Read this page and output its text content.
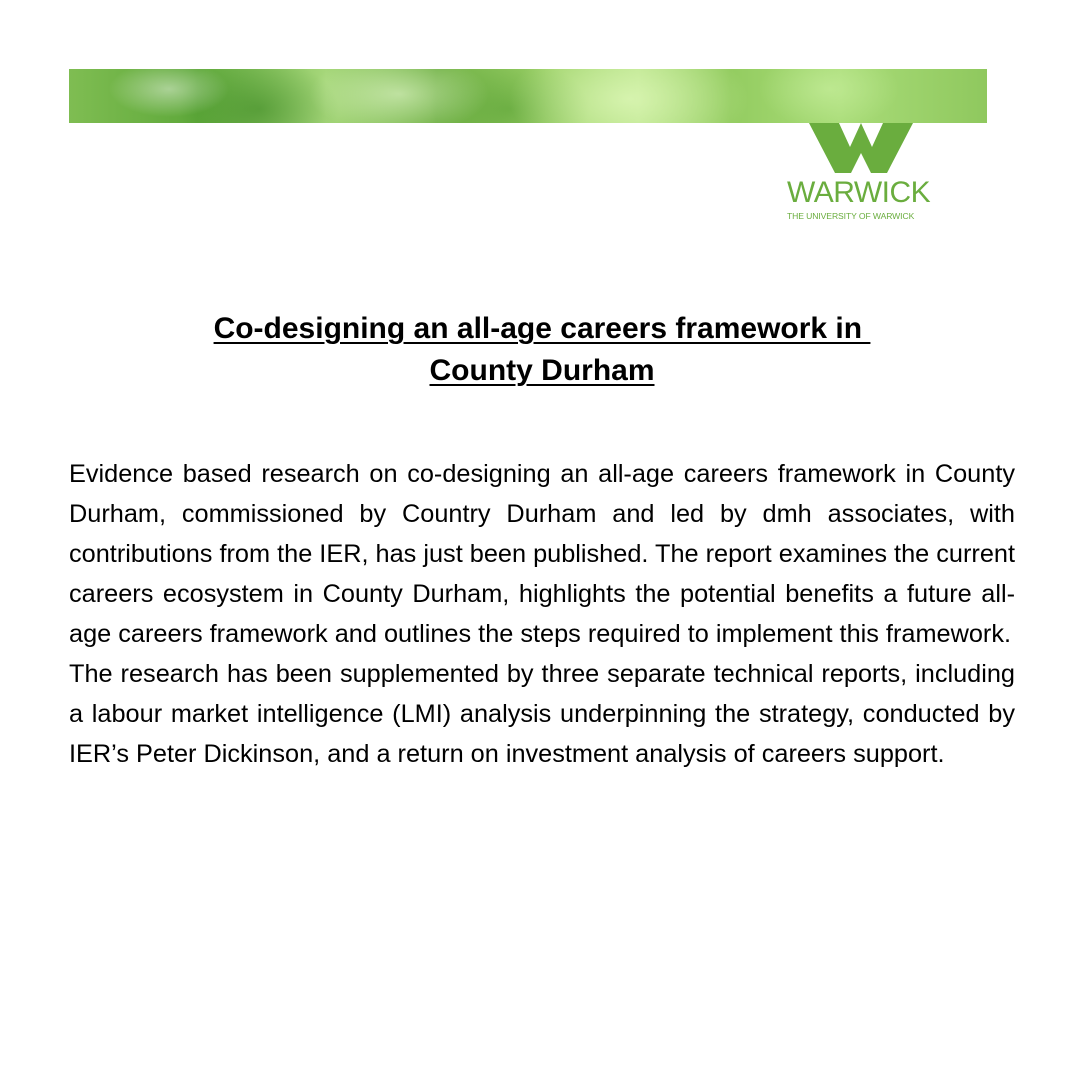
WARWICK
THE UNIVERSITY OF WARWICK
Co-designing an all-age careers framework in
County Durham

Evidence based research on co-designing an all-age careers framework in County Durham, commissioned by Country Durham and led by dmh associates, with contributions from the IER, has just been published. The report examines the current careers ecosystem in County Durham, highlights the potential benefits a future all-age careers framework and outlines the steps required to implement this framework.

The research has been supplemented by three separate technical reports, including a labour market intelligence (LMI) analysis underpinning the strategy, conducted by IER’s Peter Dickinson, and a return on investment analysis of careers support.
